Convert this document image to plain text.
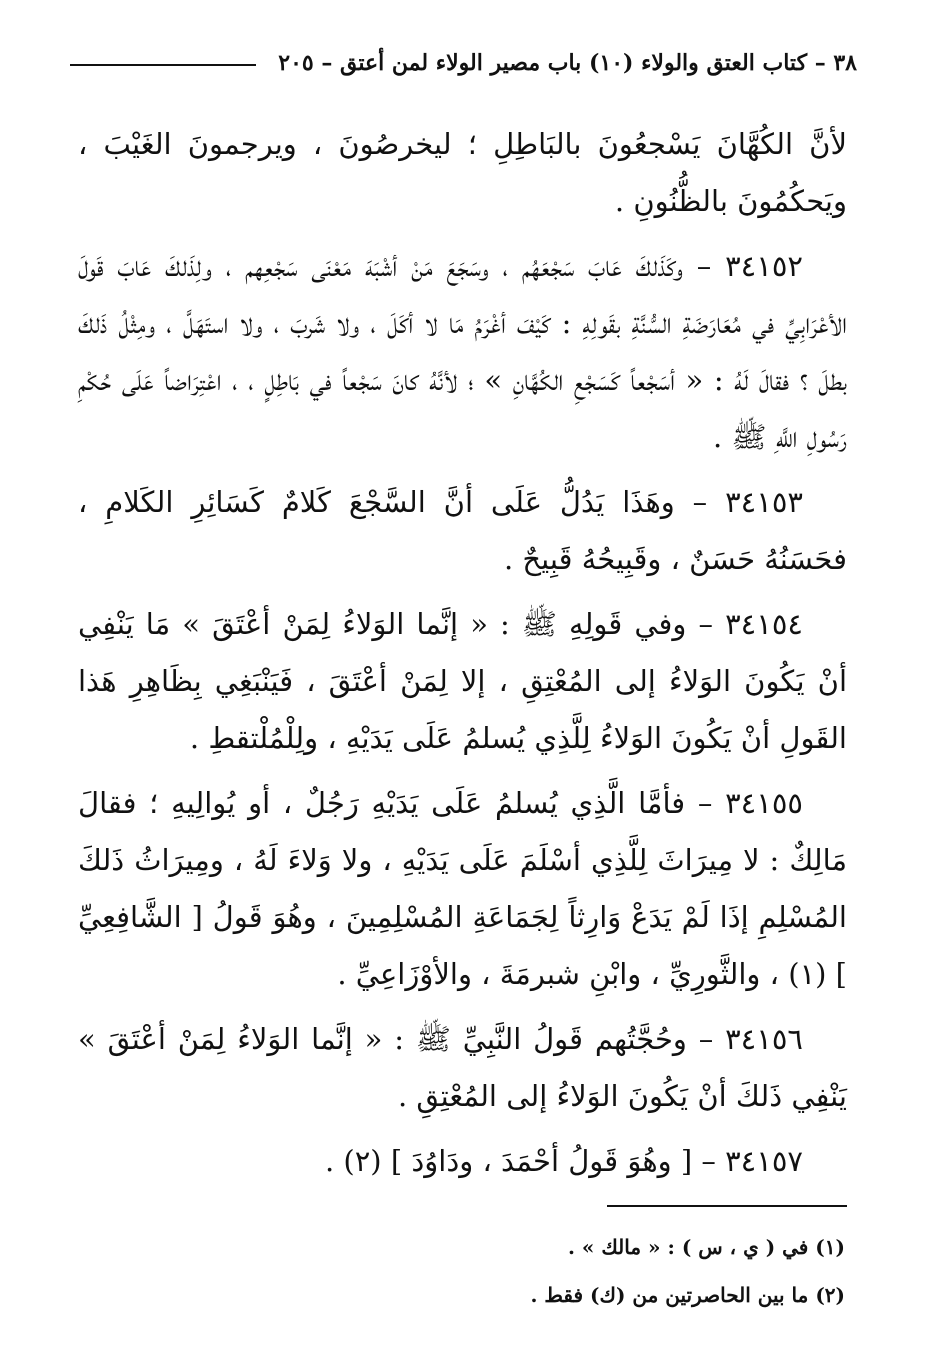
٣٨ – كتاب العتق والولاء (١٠) باب مصير الولاء لمن أعتق – ٢٠٥

لأنَّ الكُهَّانَ يَسْجعُونَ بالبَاطِلِ ؛ ليخرصُونَ ، ويرجمونَ الغَيْبَ ، ويَحكُمُونَ بالظُّنُونِ .

٣٤١٥٢ – وكَذَلكَ عَابَ سَجْعَهُم ، وسَجَعَ مَنْ أشْبَهَ مَعْنَى سَجْعِهم ، ولِذَلكَ عَابَ قَولَ الأعْرَابِيِّ في مُعَارَضَةِ السُّنَّةِ بقَولِهِ : كَيْفَ أغْرَمُ مَا لا أكَلَ ، ولا شَربَ ، ولا استَهَلَّ ، ومِثْلُ ذَلكَ بطلَ ؟ فقالَ لَهُ : « أسَجْعاً كَسَجْعِ الكُهَّانِ » ؛ لأنَّهُ كانَ سَجْعاً في بَاطِلٍ ، ، اعْتِرَاضاً عَلَى حُكْمِ رَسُولِ اللَّهِ ﷺ .

٣٤١٥٣ – وهَذَا يَدُلُّ عَلَى أنَّ السَّجْعَ كَلامٌ كَسَائِرِ الكَلامِ ، فحَسَنُهُ حَسَنٌ ، وقَبِيحُهُ قَبِيحٌ .

٣٤١٥٤ – وفي قَولِهِ ﷺ : « إنَّما الوَلاءُ لِمَنْ أعْتَقَ » مَا يَنْفِي أنْ يَكُونَ الوَلاءُ إلى المُعْتِقِ ، إلا لِمَنْ أعْتَقَ ، فَيَنْبَغِي بِظَاهِرِ هَذا القَولِ أنْ يَكُونَ الوَلاءُ لِلَّذِي يُسلمُ عَلَى يَدَيْهِ ، ولِلْمُلْتقطِ .

٣٤١٥٥ – فأمَّا الَّذِي يُسلمُ عَلَى يَدَيْهِ رَجُلٌ ، أو يُوالِيهِ ؛ فقالَ مَالِكٌ : لا مِيرَاثَ لِلَّذِي أسْلَمَ عَلَى يَدَيْهِ ، ولا وَلاءَ لَهُ ، ومِيرَاثُ ذَلكَ المُسْلِمِ إذَا لَمْ يَدَعْ وَارِثاً لِجَمَاعَةِ المُسْلِمِينَ ، وهُوَ قَولُ [ الشَّافِعِيِّ ] (١) ، والثَّورِيِّ ، وابْنِ شبرمَةَ ، والأوْزَاعِيِّ .

٣٤١٥٦ – وحُجَّتُهم قَولُ النَّبِيِّ ﷺ : « إنَّما الوَلاءُ لِمَنْ أعْتَقَ » يَنْفِي ذَلكَ أنْ يَكُونَ الوَلاءُ إلى المُعْتِقِ .

٣٤١٥٧ – [ وهُوَ قَولُ أحْمَدَ ، ودَاوُدَ ] (٢) .

(١) في ( ي ، س ) : « مالك » .

(٢) ما بين الحاصرتين من (ك) فقط .
